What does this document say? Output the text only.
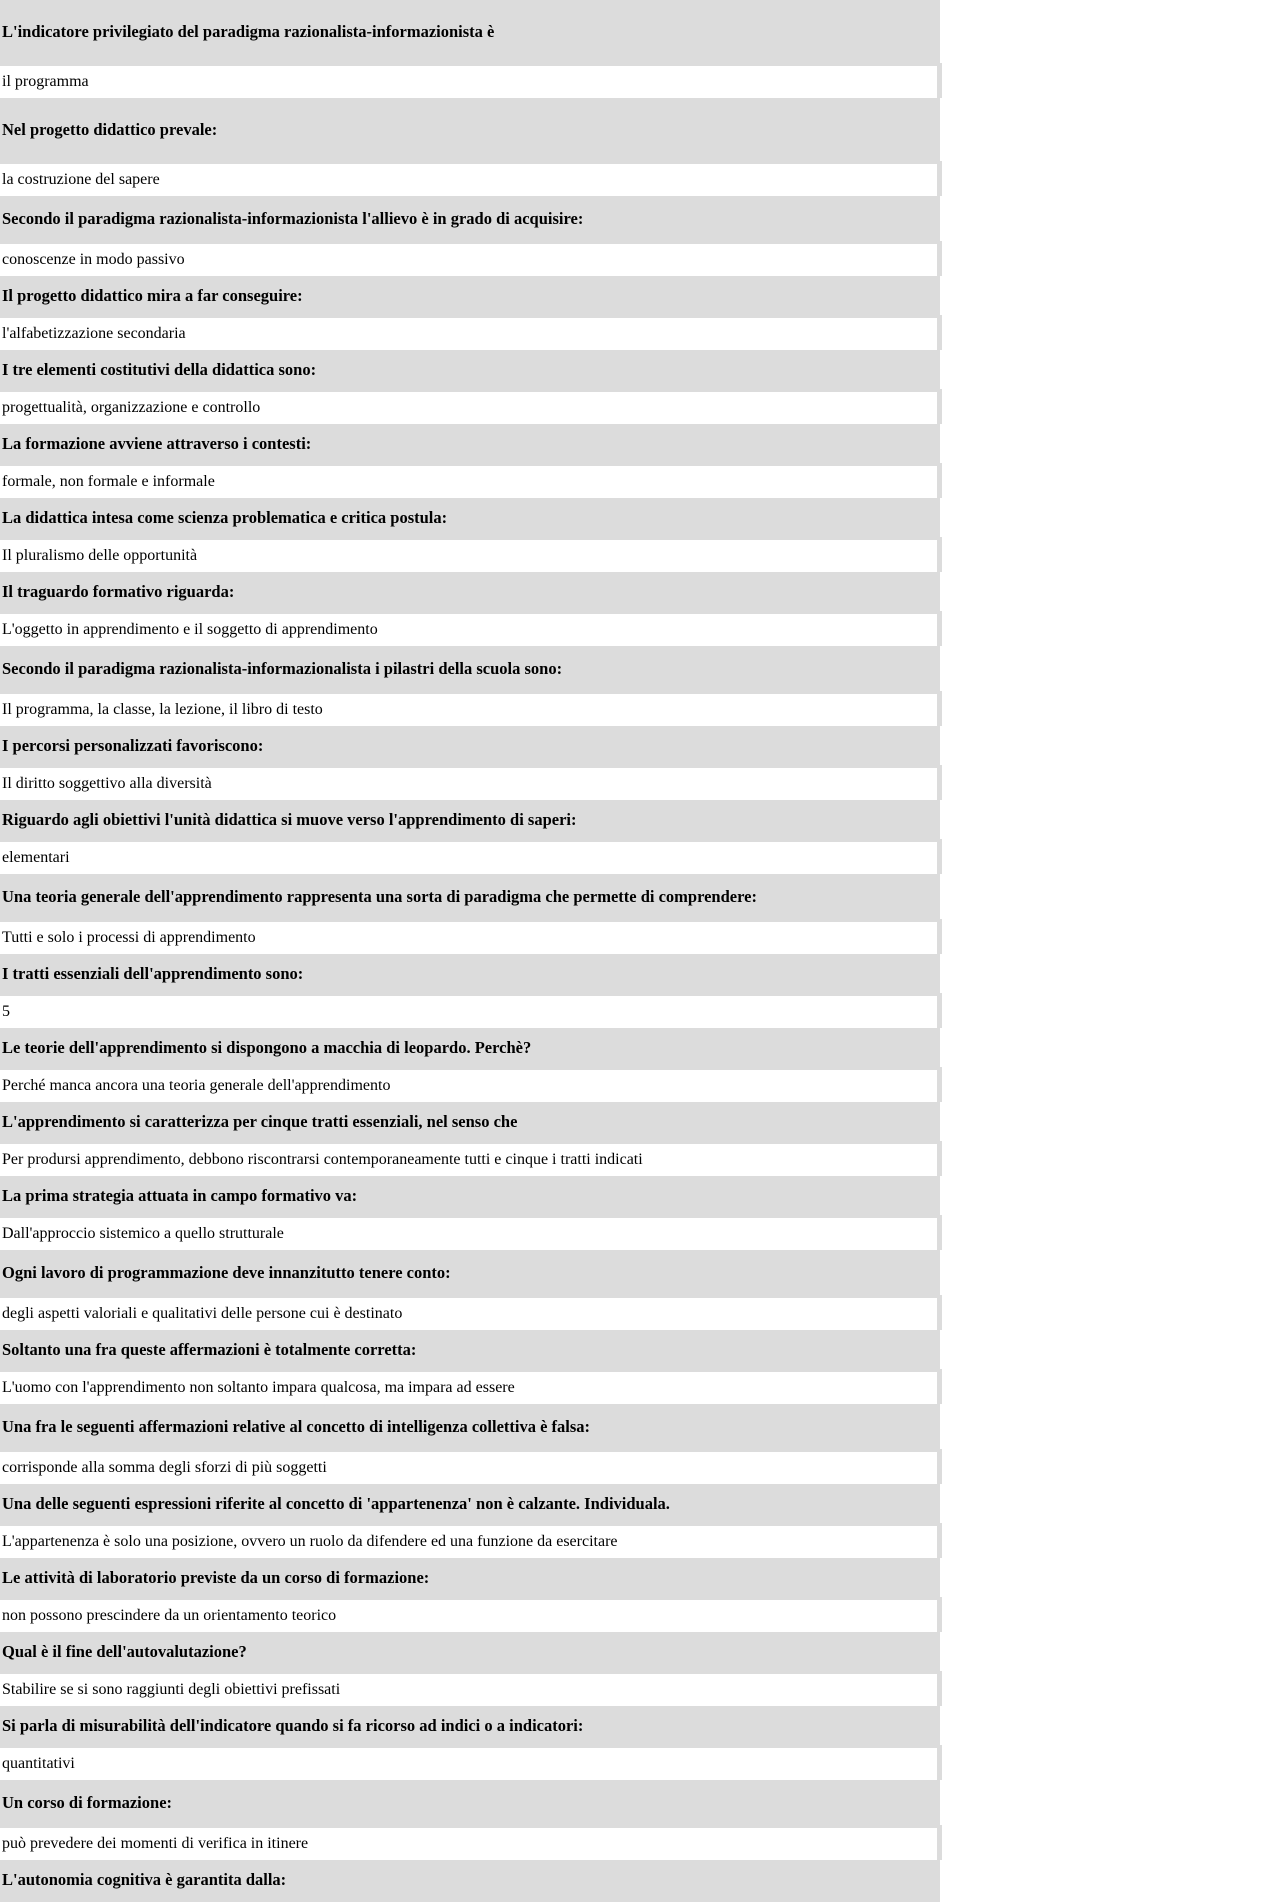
L'indicatore privilegiato del paradigma razionalista-informazionista è
il programma
Nel progetto didattico prevale:
la costruzione del sapere
Secondo il paradigma razionalista-informazionista l'allievo è in grado di acquisire:
conoscenze in modo passivo
Il progetto didattico mira a far conseguire:
l'alfabetizzazione secondaria
I tre elementi costitutivi della didattica sono:
progettualità, organizzazione e controllo
La formazione avviene attraverso i contesti:
formale, non formale e informale
La didattica intesa come scienza problematica e critica postula:
Il pluralismo delle opportunità
Il traguardo formativo riguarda:
L'oggetto in apprendimento e il soggetto di apprendimento
Secondo il paradigma razionalista-informazionalista i pilastri della scuola sono:
Il programma, la classe, la lezione, il libro di testo
I percorsi personalizzati favoriscono:
Il diritto soggettivo alla diversità
Riguardo agli obiettivi l'unità didattica si muove verso l'apprendimento di saperi:
elementari
Una teoria generale dell'apprendimento rappresenta una sorta di paradigma che permette di comprendere:
Tutti e solo i processi di apprendimento
I tratti essenziali dell'apprendimento sono:
5
Le teorie dell'apprendimento si dispongono a macchia di leopardo. Perchè?
Perché manca ancora una teoria generale dell'apprendimento
L'apprendimento si caratterizza per cinque tratti essenziali, nel senso che
Per prodursi apprendimento, debbono riscontrarsi contemporaneamente tutti e cinque i tratti indicati
La prima strategia attuata in campo formativo va:
Dall'approccio sistemico a quello strutturale
Ogni lavoro di programmazione deve innanzitutto tenere conto:
degli aspetti valoriali e qualitativi delle persone cui è destinato
Soltanto una fra queste affermazioni è totalmente corretta:
L'uomo con l'apprendimento non soltanto impara qualcosa, ma impara ad essere
Una fra le seguenti affermazioni relative al concetto di intelligenza collettiva è falsa:
corrisponde alla somma degli sforzi di più soggetti
Una delle seguenti espressioni riferite al concetto di 'appartenenza' non è calzante. Individuala.
L'appartenenza è solo una posizione, ovvero un ruolo da difendere ed una funzione da esercitare
Le attività di laboratorio previste da un corso di formazione:
non possono prescindere da un orientamento teorico
Qual è il fine dell'autovalutazione?
Stabilire se si sono raggiunti degli obiettivi prefissati
Si parla di misurabilità dell'indicatore quando si fa ricorso ad indici o a indicatori:
quantitativi
Un corso di formazione:
può prevedere dei momenti di verifica in itinere
L'autonomia cognitiva è garantita dalla:
